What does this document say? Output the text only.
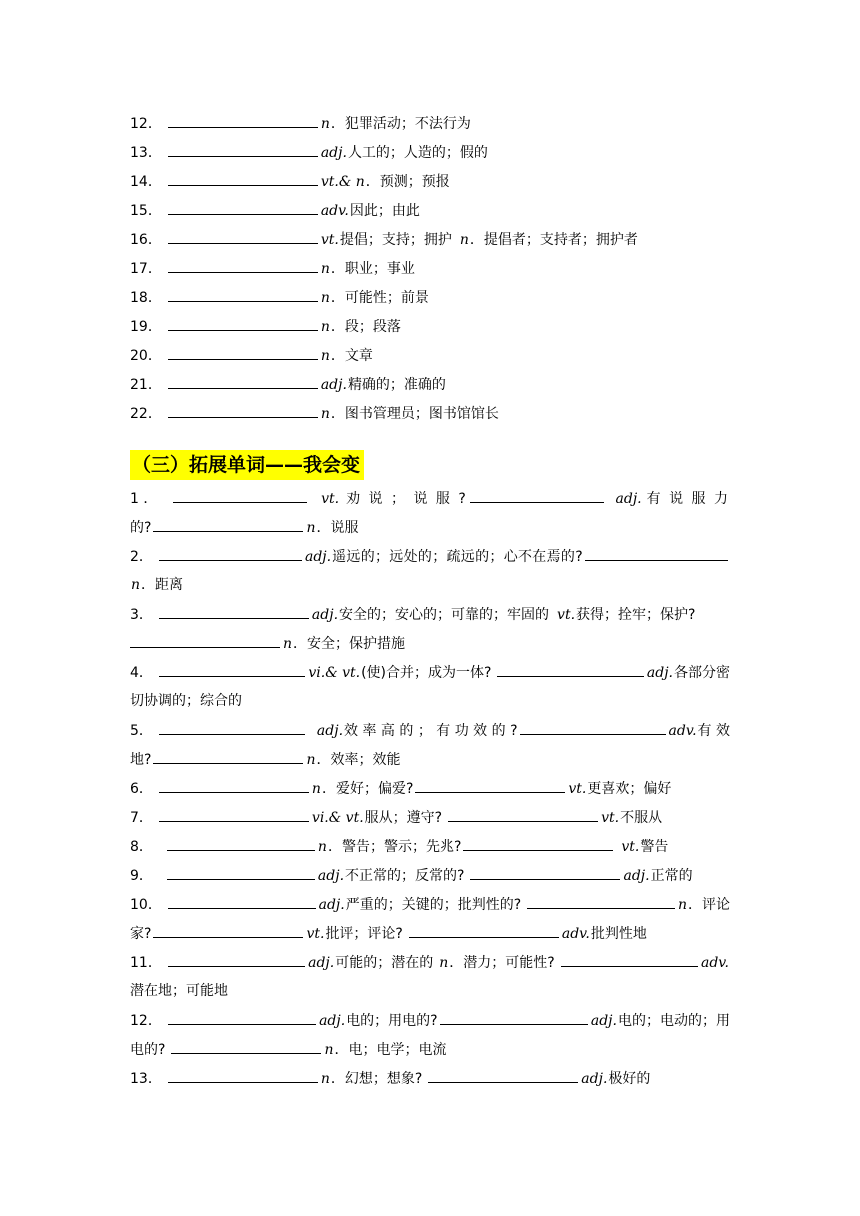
12．	n ．犯罪活动；不法行为
13．	adj. 人工的；人造的；假的
14．	vt.& n ．预测；预报
15．	adv. 因此；由此
16．	vt. 提倡；支持；拥护 n ．提倡者；支持者；拥护者
17．	n ．职业；事业
18．	n ．可能性；前景
19．	n ．段；段落
20．	n ．文章
21．	adj. 精确的；准确的
22．	n ．图书管理员；图书馆馆长
（三）拓展单词——我会变
1 ．	vt. 劝 说 ； 说 服 ?	adj. 有 说 服 力
的?	n ．说服
2．	adj. 遥远的；远处的；疏远的；心不在焉的?
n ．距离
3．	adj. 安全的；安心的；可靠的；牢固的 vt. 获得；拴牢；保护?
n ．安全；保护措施
4．	vi.& vt. (使)合并；成为一体?	adj. 各部分密
切协调的；综合的
5．	adj. 效 率 高 的 ； 有 功 效 的 ?	adv. 有 效
地?	n ．效率；效能
6．	n ．爱好；偏爱?	vt. 更喜欢；偏好
7．	vi.& vt. 服从；遵守?	vt. 不服从
8．	n ．警告；警示；先兆?	vt. 警告
9．	adj. 不正常的；反常的?	adj. 正常的
10．	adj. 严重的；关键的；批判性的?	n ．评论
家?	vt. 批评；评论?	adv. 批判性地
11．	adj. 可能的；潜在的 n ．潜力；可能性?	adv.
潜在地；可能地
12．	adj. 电的；用电的?	adj. 电的；电动的；用
电的?	n ．电；电学；电流
13．	n ．幻想；想象?	adj. 极好的
